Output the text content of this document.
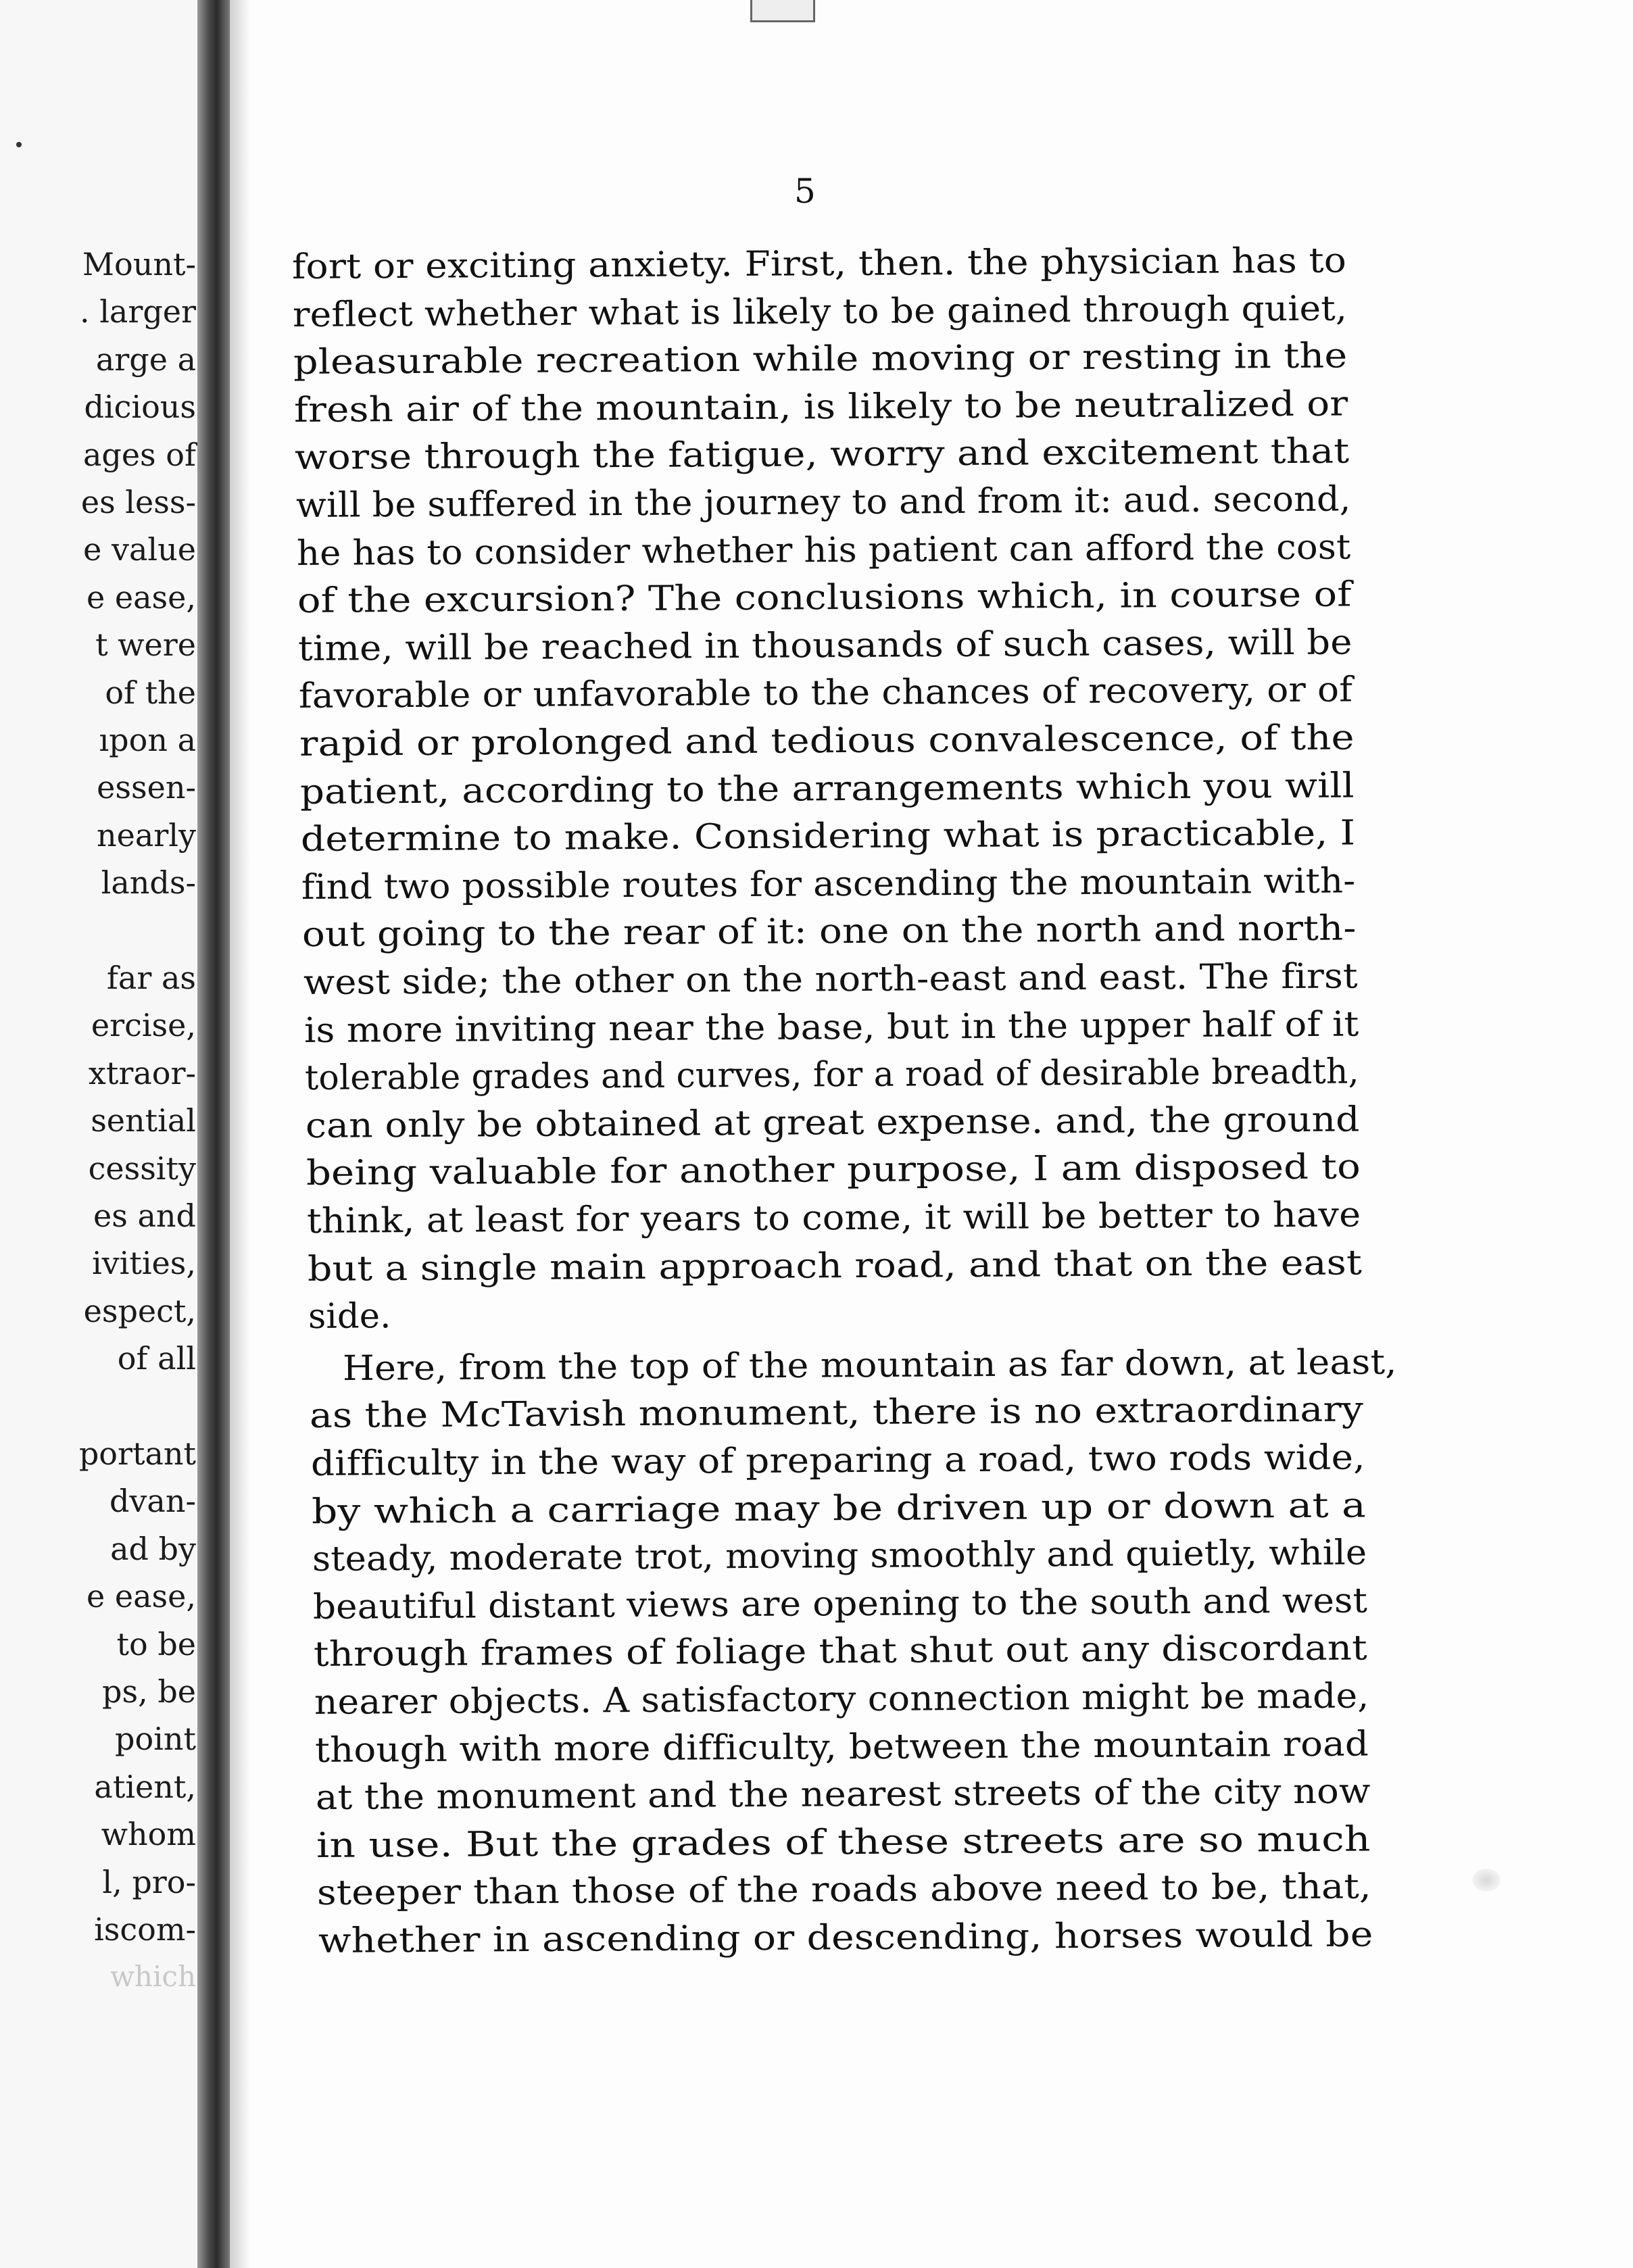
Mount-
. larger
arge a
dicious
ages of
es less-
e value
e ease,
t were
of the
ıpon a
essen-
nearly
lands-
far as
ercise,
xtraor-
sential
cessity
es and
ivities,
espect,
of all
portant
dvan-
ad by
e ease,
to be
ps, be
point
atient,
whom
l, pro-
iscom-
which
5
fort or exciting anxiety. First, then. the physician has to
reflect whether what is likely to be gained through quiet,
pleasurable recreation while moving or resting in the
fresh air of the mountain, is likely to be neutralized or
worse through the fatigue, worry and excitement that
will be suffered in the journey to and from it: aud. second,
he has to consider whether his patient can afford the cost
of the excursion? The conclusions which, in course of
time, will be reached in thousands of such cases, will be
favorable or unfavorable to the chances of recovery, or of
rapid or prolonged and tedious convalescence, of the
patient, according to the arrangements which you will
determine to make. Considering what is practicable, I
find two possible routes for ascending the mountain with-
out going to the rear of it: one on the north and north-
west side; the other on the north-east and east. The first
is more inviting near the base, but in the upper half of it
tolerable grades and curves, for a road of desirable breadth,
can only be obtained at great expense. and, the ground
being valuable for another purpose, I am disposed to
think, at least for years to come, it will be better to have
but a single main approach road, and that on the east
side.
Here, from the top of the mountain as far down, at least,
as the McTavish monument, there is no extraordinary
difficulty in the way of preparing a road, two rods wide,
by which a carriage may be driven up or down at a
steady, moderate trot, moving smoothly and quietly, while
beautiful distant views are opening to the south and west
through frames of foliage that shut out any discordant
nearer objects. A satisfactory connection might be made,
though with more difficulty, between the mountain road
at the monument and the nearest streets of the city now
in use. But the grades of these streets are so much
steeper than those of the roads above need to be, that,
whether in ascending or descending, horses would be
